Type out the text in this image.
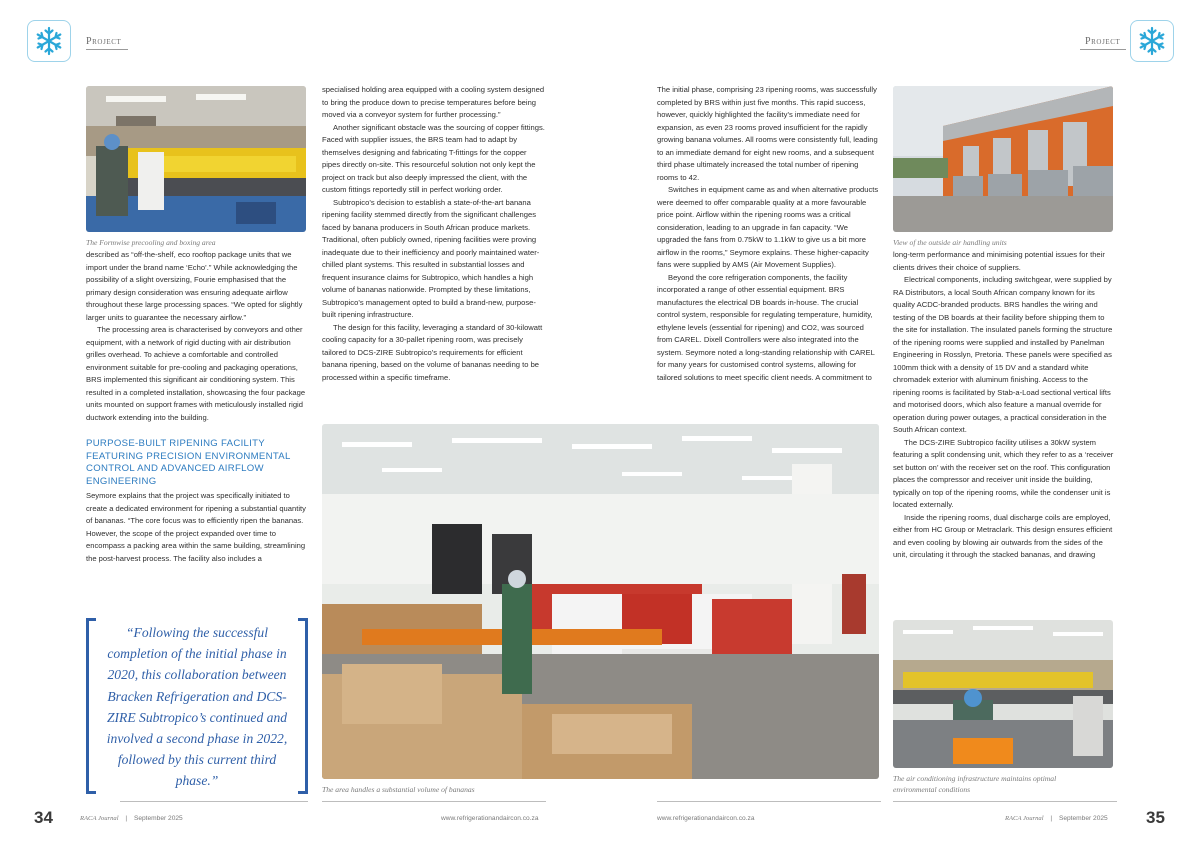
Project
The Formwise precooling and boxing area

described as “off-the-shelf, eco rooftop package units that we import under the brand name ‘Echo’.” While acknowledging the possibility of a slight oversizing, Fourie emphasised that the primary design consideration was ensuring adequate airflow throughout these large processing spaces. “We opted for slightly larger units to guarantee the necessary airflow.”

The processing area is characterised by conveyors and other equipment, with a network of rigid ducting with air distribution grilles overhead. To achieve a comfortable and controlled environment suitable for pre-cooling and packaging operations, BRS implemented this significant air conditioning system. This resulted in a completed installation, showcasing the four package units mounted on support frames with meticulously installed rigid ductwork extending into the building.

PURPOSE-BUILT RIPENING FACILITY FEATURING PRECISION ENVIRONMENTAL CONTROL AND ADVANCED AIRFLOW ENGINEERING

Seymore explains that the project was specifically initiated to create a dedicated environment for ripening a substantial quantity of bananas. “The core focus was to efficiently ripen the bananas. However, the scope of the project expanded over time to encompass a packing area within the same building, streamlining the post-harvest process. The facility also includes a

specialised holding area equipped with a cooling system designed to bring the produce down to precise temperatures before being moved via a conveyor system for further processing.”

Another significant obstacle was the sourcing of copper fittings. Faced with supplier issues, the BRS team had to adapt by themselves designing and fabricating T-fittings for the copper pipes directly on-site. This resourceful solution not only kept the project on track but also deeply impressed the client, with the custom fittings reportedly still in perfect working order.

Subtropico’s decision to establish a state-of-the-art banana ripening facility stemmed directly from the significant challenges faced by banana producers in South African produce markets. Traditional, often publicly owned, ripening facilities were proving inadequate due to their inefficiency and poorly maintained water-chilled plant systems. This resulted in substantial losses and frequent insurance claims for Subtropico, which handles a high volume of bananas nationwide. Prompted by these limitations, Subtropico’s management opted to build a brand-new, purpose-built ripening infrastructure.

The design for this facility, leveraging a standard of 30-kilowatt cooling capacity for a 30-pallet ripening room, was precisely tailored to DCS-ZIRE Subtropico’s requirements for efficient banana ripening, based on the volume of bananas needing to be processed within a specific timeframe.

“Following the successful completion of the initial phase in 2020, this collaboration between Bracken Refrigeration and DCS-ZIRE Subtropico’s continued and involved a second phase in 2022, followed by this current third phase.”
The area handles a substantial volume of bananas
34	RACA Journal | September 2025	www.refrigerationandaircon.co.za
Project

The initial phase, comprising 23 ripening rooms, was successfully completed by BRS within just five months. This rapid success, however, quickly highlighted the facility’s immediate need for expansion, as even 23 rooms proved insufficient for the rapidly growing banana volumes. All rooms were consistently full, leading to an immediate demand for eight new rooms, and a subsequent third phase ultimately increased the total number of ripening rooms to 42.

Switches in equipment came as and when alternative products were deemed to offer comparable quality at a more favourable price point. Airflow within the ripening rooms was a critical consideration, leading to an upgrade in fan capacity. “We upgraded the fans from 0.75kW to 1.1kW to give us a bit more airflow in the rooms,” Seymore explains. These higher-capacity fans were supplied by AMS (Air Movement Supplies).

Beyond the core refrigeration components, the facility incorporated a range of other essential equipment. BRS manufactures the electrical DB boards in-house. The crucial control system, responsible for regulating temperature, humidity, ethylene levels (essential for ripening) and CO2, was sourced from CAREL. Dixell Controllers were also integrated into the system. Seymore noted a long-standing relationship with CAREL for many years for customised control systems, allowing for tailored solutions to meet specific client needs. A commitment to

View of the outside air handling units

long-term performance and minimising potential issues for their clients drives their choice of suppliers.

Electrical components, including switchgear, were supplied by RA Distributors, a local South African company known for its quality ACDC-branded products. BRS handles the wiring and testing of the DB boards at their facility before shipping them to the site for installation. The insulated panels forming the structure of the ripening rooms were supplied and installed by Panelman Engineering in Rosslyn, Pretoria. These panels were specified as 100mm thick with a density of 15 DV and a standard white chromadek exterior with aluminum finishing. Access to the ripening rooms is facilitated by Stab-a-Load sectional vertical lifts and motorised doors, which also feature a manual override for operation during power outages, a practical consideration in the South African context.

The DCS-ZIRE Subtropico facility utilises a 30kW system featuring a split condensing unit, which they refer to as a ‘receiver set button on’ with the receiver set on the roof. This configuration places the compressor and receiver unit inside the building, typically on top of the ripening rooms, while the condenser unit is located externally.

Inside the ripening rooms, dual discharge coils are employed, either from HC Group or Metraclark. This design ensures efficient and even cooling by blowing air outwards from the sides of the unit, circulating it through the stacked bananas, and drawing

The air conditioning infrastructure maintains optimal environmental conditions
www.refrigerationandaircon.co.za	RACA Journal | September 2025 35
